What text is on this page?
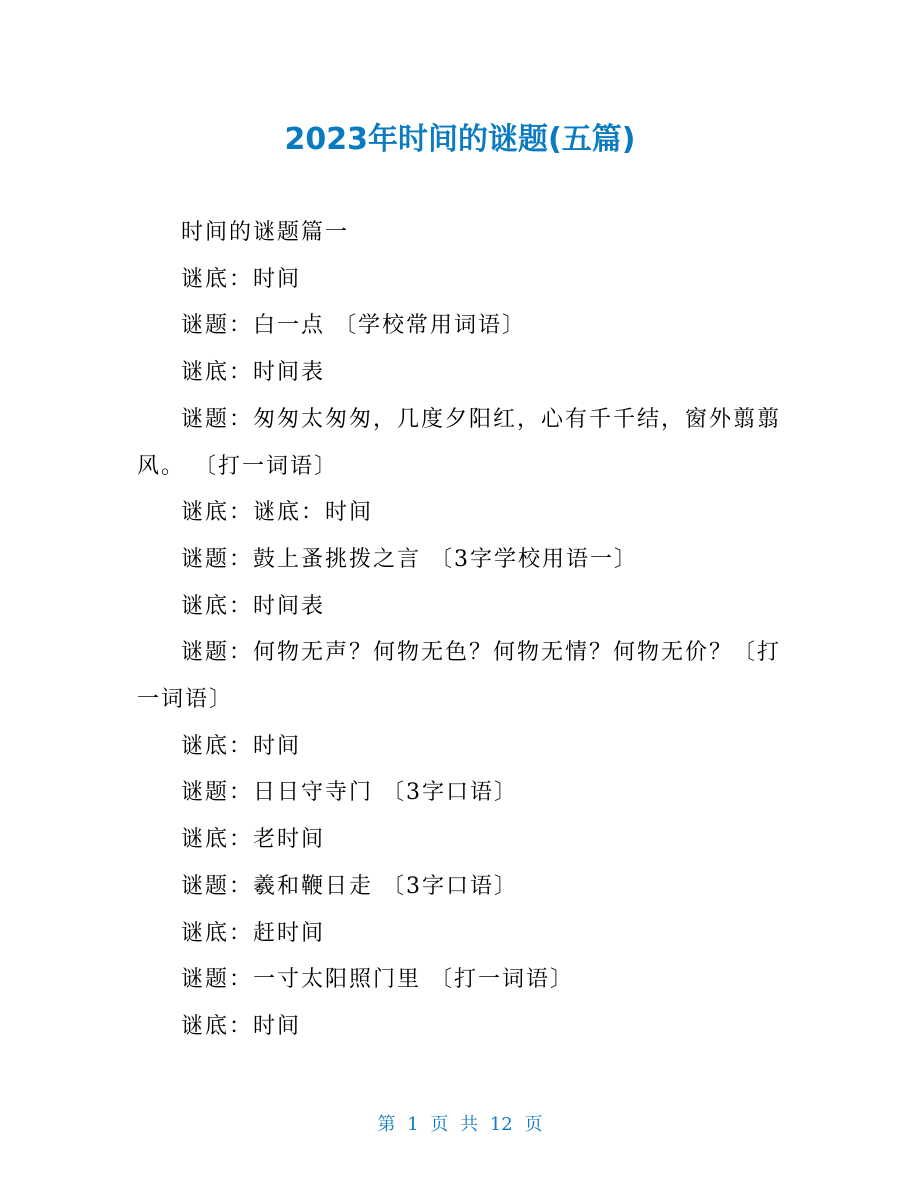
2023年时间的谜题(五篇)

时间的谜题篇一

谜底：时间

谜题：白一点 〔学校常用词语〕

谜底：时间表

谜题：匆匆太匆匆，几度夕阳红，心有千千结，窗外翦翦风。 〔打一词语〕

谜底：谜底：时间

谜题：鼓上蚤挑拨之言 〔3字学校用语一〕

谜底：时间表

谜题：何物无声？何物无色？何物无情？何物无价？〔打一词语〕

谜底：时间

谜题：日日守寺门 〔3字口语〕

谜底：老时间

谜题：羲和鞭日走 〔3字口语〕

谜底：赶时间

谜题：一寸太阳照门里 〔打一词语〕

谜底：时间

第 1 页 共 12 页
